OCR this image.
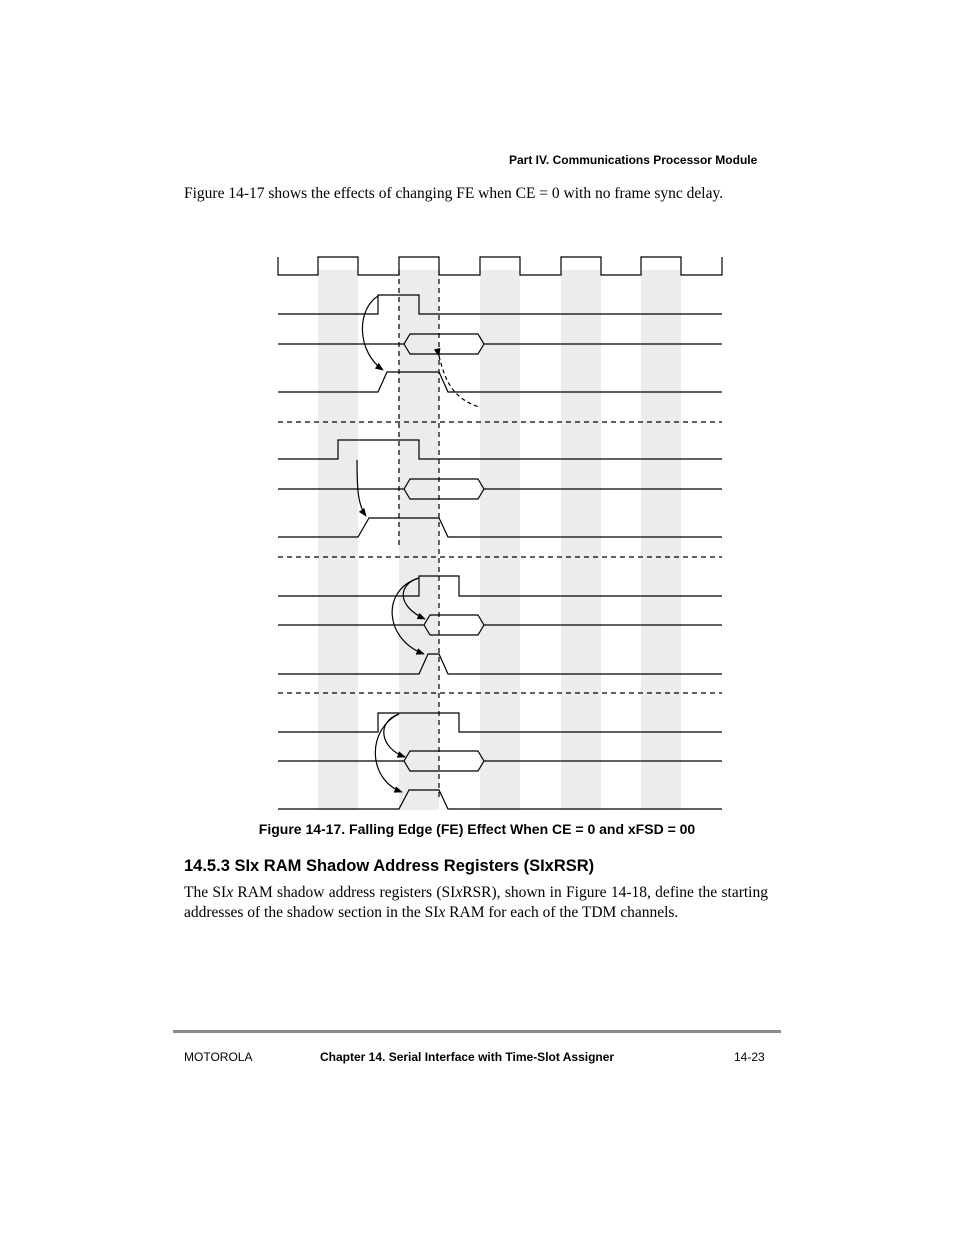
Part IV. Communications Processor Module
Figure 14-17 shows the effects of changing FE when CE = 0 with no frame sync delay.
Figure 14-17. Falling Edge (FE) Effect When CE = 0 and xFSD = 00
14.5.3 SIx RAM Shadow Address Registers (SIxRSR)
The SIx RAM shadow address registers (SIxRSR), shown in Figure 14-18, define the starting addresses of the shadow section in the SIx RAM for each of the TDM channels.
MOTOROLA	Chapter 14. Serial Interface with Time-Slot Assigner	14-23
